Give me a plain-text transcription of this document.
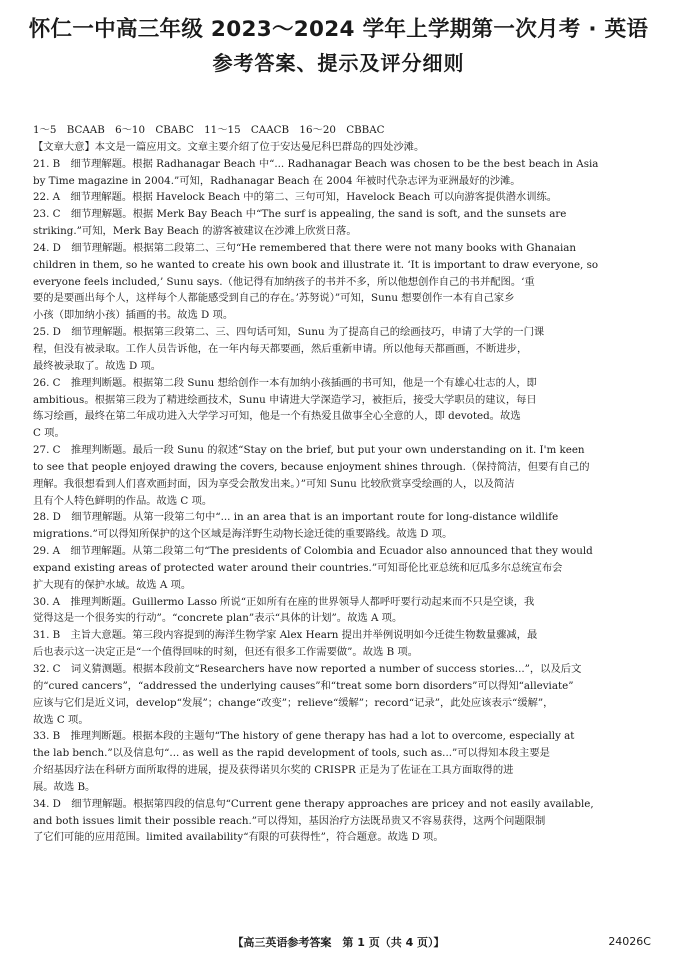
怀仁一中高三年级 2023～2024 学年上学期第一次月考 · 英语
参考答案、提示及评分细则
1～5　BCAAB　6～10　CBABC　11～15　CAACB　16～20　CBBAC
【文章大意】本文是一篇应用文。文章主要介绍了位于安达曼尼科巴群岛的四处沙滩。
21. B　细节理解题。根据 Radhanagar Beach 中“... Radhanagar Beach was chosen to be the best beach in Asia
by Time magazine in 2004.”可知，Radhanagar Beach 在 2004 年被时代杂志评为亚洲最好的沙滩。
22. A　细节理解题。根据 Havelock Beach 中的第二、三句可知，Havelock Beach 可以向游客提供潜水训练。
23. C　细节理解题。根据 Merk Bay Beach 中“The surf is appealing, the sand is soft, and the sunsets are
striking.”可知，Merk Bay Beach 的游客被建议在沙滩上欣赏日落。
24. D　细节理解题。根据第二段第二、三句“He remembered that there were not many books with Ghanaian
children in them, so he wanted to create his own book and illustrate it. ‘It is important to draw everyone, so
everyone feels included,’ Sunu says.（他记得有加纳孩子的书并不多，所以他想创作自己的书并配图。‘重
要的是要画出每个人，这样每个人都能感受到自己的存在。’苏努说）”可知，Sunu 想要创作一本有自己家乡
小孩（即加纳小孩）插画的书。故选 D 项。
25. D　细节理解题。根据第三段第二、三、四句话可知，Sunu 为了提高自己的绘画技巧，申请了大学的一门课
程，但没有被录取。工作人员告诉他，在一年内每天都要画，然后重新申请。所以他每天都画画，不断进步，
最终被录取了。故选 D 项。
26. C　推理判断题。根据第二段 Sunu 想给创作一本有加纳小孩插画的书可知，他是一个有雄心壮志的人，即
ambitious。根据第三段为了精进绘画技术，Sunu 申请进大学深造学习，被拒后，接受大学职员的建议，每日
练习绘画，最终在第二年成功进入大学学习可知，他是一个有热爱且做事全心全意的人，即 devoted。故选
C 项。
27. C　推理判断题。最后一段 Sunu 的叙述“Stay on the brief, but put your own understanding on it. I'm keen
to see that people enjoyed drawing the covers, because enjoyment shines through.（保持简洁，但要有自己的
理解。我很想看到人们喜欢画封面，因为享受会散发出来。）”可知 Sunu 比较欣赏享受绘画的人，以及简洁
且有个人特色鲜明的作品。故选 C 项。
28. D　细节理解题。从第一段第二句中“... in an area that is an important route for long-distance wildlife
migrations.”可以得知所保护的这个区域是海洋野生动物长途迁徙的重要路线。故选 D 项。
29. A　细节理解题。从第二段第二句“The presidents of Colombia and Ecuador also announced that they would
expand existing areas of protected water around their countries.”可知哥伦比亚总统和厄瓜多尔总统宣布会
扩大现有的保护水域。故选 A 项。
30. A　推理判断题。Guillermo Lasso 所说“正如所有在座的世界领导人都呼吁要行动起来而不只是空谈，我
觉得这是一个很务实的行动”。“concrete plan”表示“具体的计划”。故选 A 项。
31. B　主旨大意题。第三段内容提到的海洋生物学家 Alex Hearn 提出并举例说明如今迁徙生物数量骤减，最
后也表示这一决定正是“一个值得回味的时刻，但还有很多工作需要做”。故选 B 项。
32. C　词义猜测题。根据本段前文“Researchers have now reported a number of success stories...”，以及后文
的“cured cancers”，“addressed the underlying causes”和“treat some born disorders”可以得知“alleviate”
应该与它们是近义词，develop“发展”；change“改变”；relieve“缓解”；record“记录”，此处应该表示“缓解”，
故选 C 项。
33. B　推理判断题。根据本段的主题句“The history of gene therapy has had a lot to overcome, especially at
the lab bench.”以及信息句“... as well as the rapid development of tools, such as...”可以得知本段主要是
介绍基因疗法在科研方面所取得的进展，提及获得诺贝尔奖的 CRISPR 正是为了佐证在工具方面取得的进
展。故选 B。
34. D　细节理解题。根据第四段的信息句“Current gene therapy approaches are pricey and not easily available,
and both issues limit their possible reach.”可以得知，基因治疗方法既昂贵又不容易获得，这两个问题限制
了它们可能的应用范围。limited availability“有限的可获得性”，符合题意。故选 D 项。
【高三英语参考答案　第 1 页（共 4 页）】	24026C
